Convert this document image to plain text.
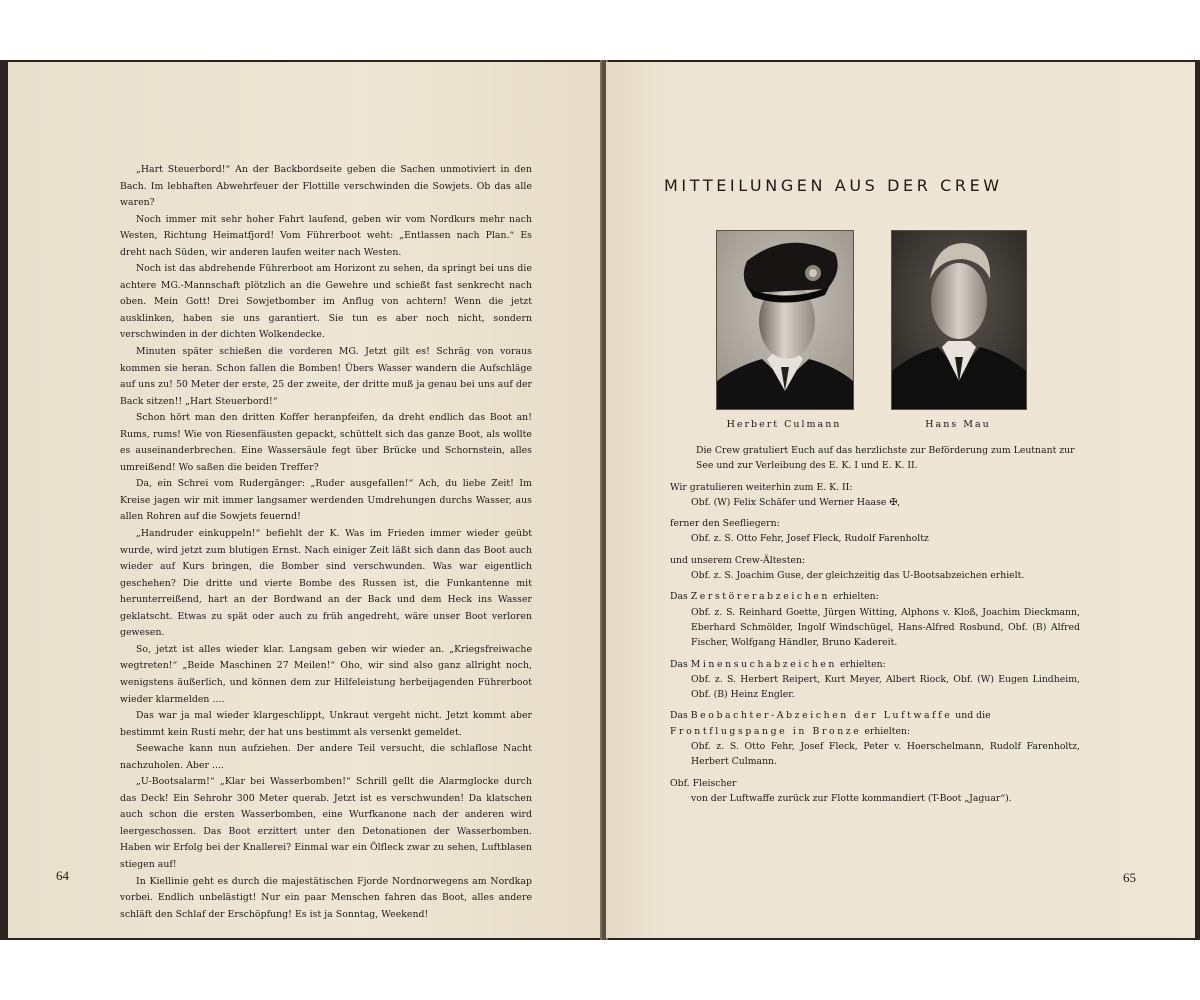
„Hart Steuerbord!“ An der Backbordseite geben die Sachen unmotiviert in den Bach. Im lebhaften Abwehrfeuer der Flottille verschwinden die Sowjets. Ob das alle waren?

Noch immer mit sehr hoher Fahrt laufend, geben wir vom Nordkurs mehr nach Westen, Richtung Heimatfjord! Vom Führerboot weht: „Entlassen nach Plan.“ Es dreht nach Süden, wir anderen laufen weiter nach Westen.

Noch ist das abdrehende Führerboot am Horizont zu sehen, da springt bei uns die achtere MG.-Mannschaft plötzlich an die Gewehre und schießt fast senkrecht nach oben. Mein Gott! Drei Sowjetbomber im Anflug von achtern! Wenn die jetzt ausklinken, haben sie uns garantiert. Sie tun es aber noch nicht, sondern verschwinden in der dichten Wolkendecke.

Minuten später schießen die vorderen MG. Jetzt gilt es! Schräg von voraus kommen sie heran. Schon fallen die Bomben! Übers Wasser wandern die Aufschläge auf uns zu! 50 Meter der erste, 25 der zweite, der dritte muß ja genau bei uns auf der Back sitzen!! „Hart Steuerbord!“

Schon hört man den dritten Koffer heranpfeifen, da dreht endlich das Boot an! Rums, rums! Wie von Riesenfäusten gepackt, schüttelt sich das ganze Boot, als wollte es auseinanderbrechen. Eine Wassersäule fegt über Brücke und Schornstein, alles umreißend! Wo saßen die beiden Treffer?

Da, ein Schrei vom Rudergänger: „Ruder ausgefallen!“ Ach, du liebe Zeit! Im Kreise jagen wir mit immer langsamer werdenden Umdrehungen durchs Wasser, aus allen Rohren auf die Sowjets feuernd!

„Handruder einkuppeln!“ befiehlt der K. Was im Frieden immer wieder geübt wurde, wird jetzt zum blutigen Ernst. Nach einiger Zeit läßt sich dann das Boot auch wieder auf Kurs bringen, die Bomber sind verschwunden. Was war eigentlich geschehen? Die dritte und vierte Bombe des Russen ist, die Funkantenne mit herunterreißend, hart an der Bordwand an der Back und dem Heck ins Wasser geklatscht. Etwas zu spät oder auch zu früh angedreht, wäre unser Boot verloren gewesen.

So, jetzt ist alles wieder klar. Langsam geben wir wieder an. „Kriegsfreiwache wegtreten!“ „Beide Maschinen 27 Meilen!“ Oho, wir sind also ganz allright noch, wenigstens äußerlich, und können dem zur Hilfeleistung herbeijagenden Führerboot wieder klarmelden ....

Das war ja mal wieder klargeschlippt, Unkraut vergeht nicht. Jetzt kommt aber bestimmt kein Rusti mehr, der hat uns bestimmt als versenkt gemeldet.

Seewache kann nun aufziehen. Der andere Teil versucht, die schlaflose Nacht nachzuholen. Aber ....

„U-Bootsalarm!“ „Klar bei Wasserbomben!“ Schrill gellt die Alarmglocke durch das Deck! Ein Sehrohr 300 Meter querab. Jetzt ist es verschwunden! Da klatschen auch schon die ersten Wasserbomben, eine Wurfkanone nach der anderen wird leergeschossen. Das Boot erzittert unter den Detonationen der Wasserbomben. Haben wir Erfolg bei der Knallerei? Einmal war ein Ölfleck zwar zu sehen, Luftblasen stiegen auf!

In Kiellinie geht es durch die majestätischen Fjorde Nordnorwegens am Nordkap vorbei. Endlich unbelästigt! Nur ein paar Menschen fahren das Boot, alles andere schläft den Schlaf der Erschöpfung! Es ist ja Sonntag, Weekend!

64
MITTEILUNGEN AUS DER CREW
Herbert Culmann	Hans Mau
Die Crew gratuliert Euch auf das herzlichste zur Beförderung zum Leutnant zur See und zur Verleibung des E. K. I und E. K. II.
Wir gratulieren weiterhin zum E. K. II:
Obf. (W) Felix Schäfer und Werner Haase ✠,
ferner den Seefliegern:
Obf. z. S. Otto Fehr, Josef Fleck, Rudolf Farenholtz
und unserem Crew-Ältesten:
Obf. z. S. Joachim Guse, der gleichzeitig das U-Bootsabzeichen erhielt.
Das Zerstörerabzeichen erhielten:
Obf. z. S. Reinhard Goette, Jürgen Witting, Alphons v. Kloß, Joachim Dieckmann, Eberhard Schmölder, Ingolf Windschügel, Hans-Alfred Rosbund, Obf. (B) Alfred Fischer, Wolfgang Händler, Bruno Kadereit.
Das Minensuchabzeichen erhielten:
Obf. z. S. Herbert Reipert, Kurt Meyer, Albert Riock, Obf. (W) Eugen Lindheim, Obf. (B) Heinz Engler.
Das Beobachter-Abzeichen der Luftwaffe und die Frontflugspange in Bronze erhielten:
Obf. z. S. Otto Fehr, Josef Fleck, Peter v. Hoerschelmann, Rudolf Farenholtz, Herbert Culmann.
Obf. Fleischer
von der Luftwaffe zurück zur Flotte kommandiert (T-Boot „Jaguar“).
65
